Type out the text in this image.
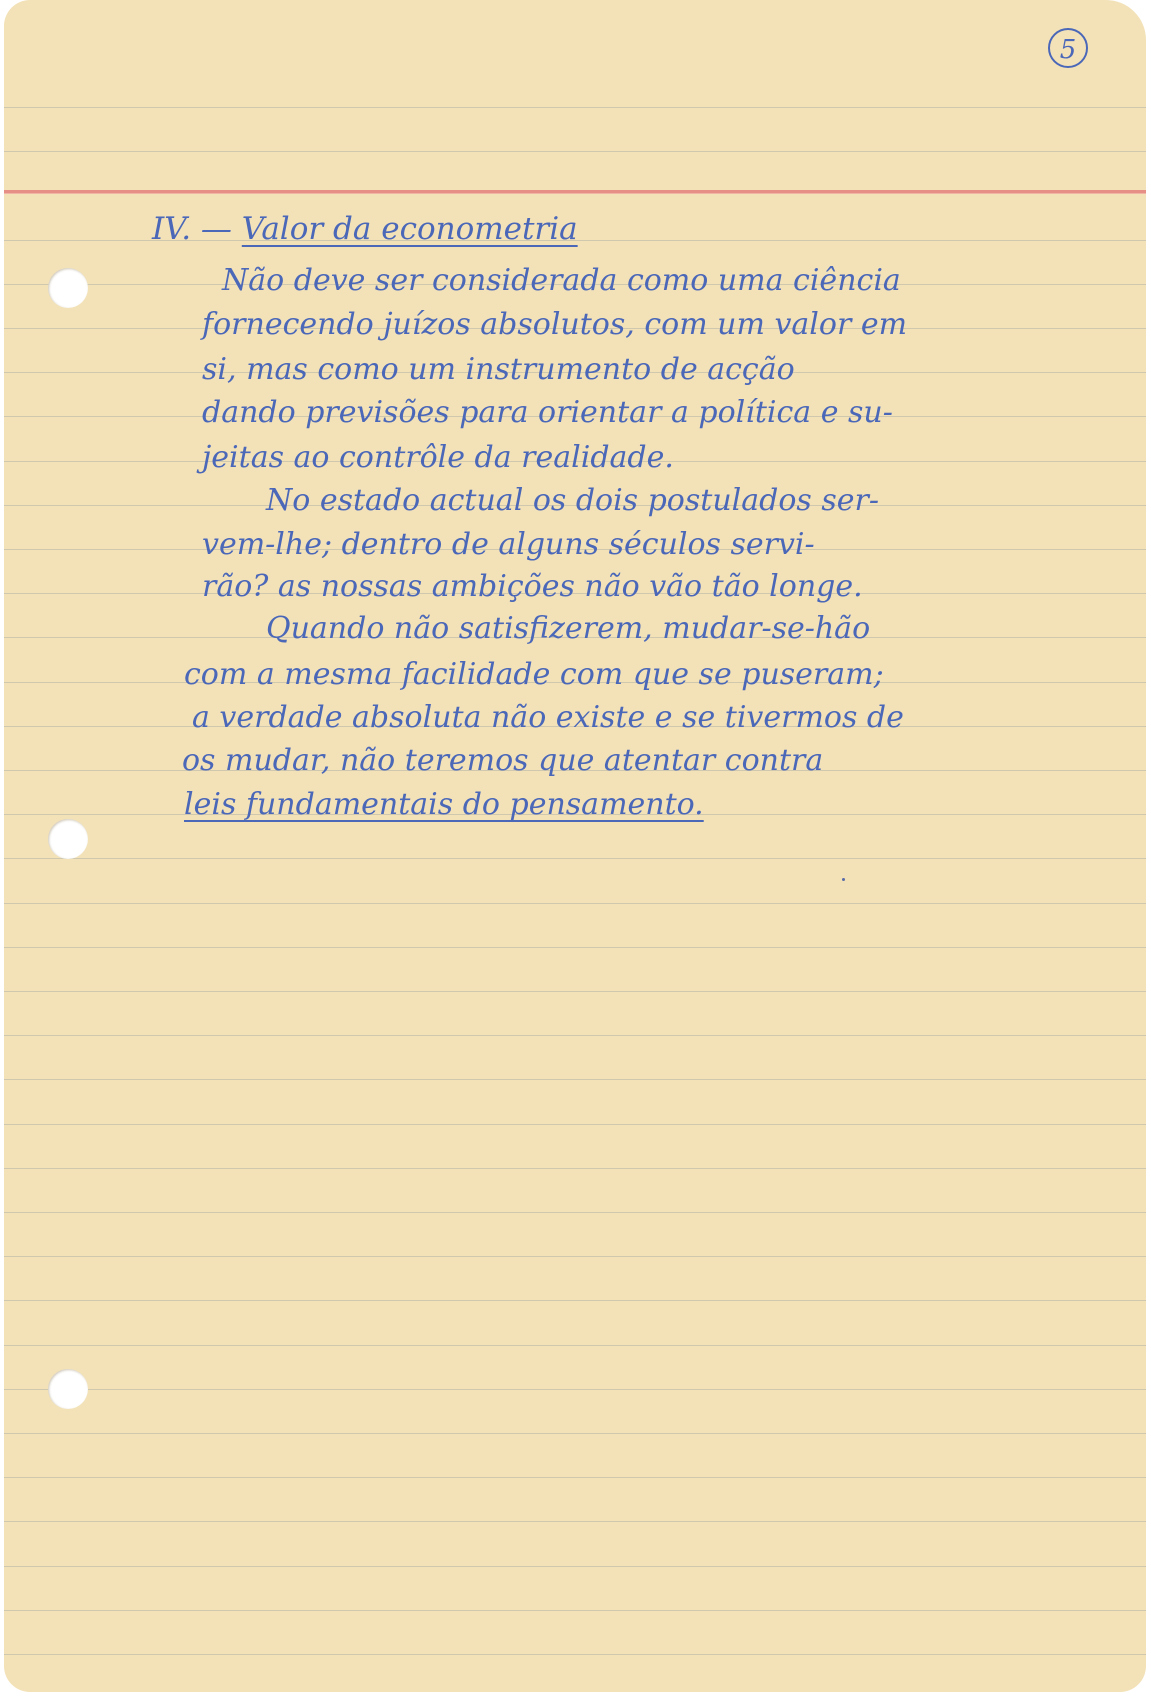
5
IV. — Valor da econometria
Não deve ser considerada como uma ciência
fornecendo juízos absolutos, com um valor em
si, mas como um instrumento de acção
dando previsões para orientar a política e su-
jeitas ao contrôle da realidade.
No estado actual os dois postulados ser-
vem-lhe; dentro de alguns séculos servi-
rão? as nossas ambições não vão tão longe.
Quando não satisfizerem, mudar-se-hão
com a mesma facilidade com que se puseram;
a verdade absoluta não existe e se tivermos de
os mudar, não teremos que atentar contra
leis fundamentais do pensamento.
